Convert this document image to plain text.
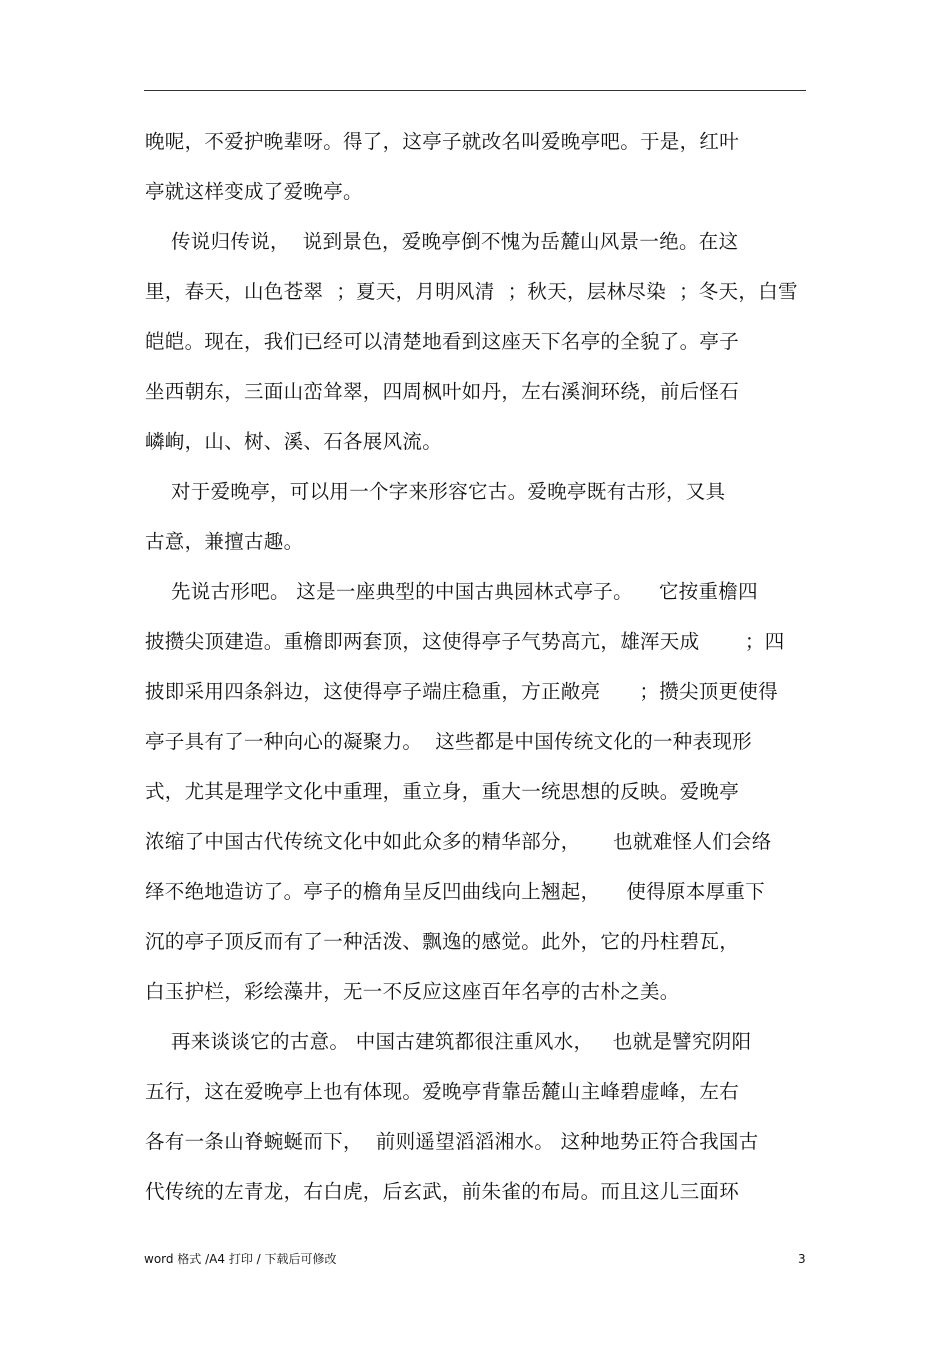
晚呢，不爱护晚辈呀。得了，这亭子就改名叫爱晚亭吧。于是，红叶
亭就这样变成了爱晚亭。
传说归传说，  说到景色，爱晚亭倒不愧为岳麓山风景一绝。在这
里，春天，山色苍翠  ；夏天，月明风清  ；秋天，层林尽染  ；冬天，白雪
皑皑。现在，我们已经可以清楚地看到这座天下名亭的全貌了。亭子
坐西朝东，三面山峦耸翠，四周枫叶如丹，左右溪涧环绕，前后怪石
嶙峋，山、树、溪、石各展风流。
对于爱晚亭，可以用一个字来形容它古。爱晚亭既有古形，又具
古意，兼擅古趣。
先说古形吧。 这是一座典型的中国古典园林式亭子。    它按重檐四
披攒尖顶建造。重檐即两套顶，这使得亭子气势高亢，雄浑天成       ；四
披即采用四条斜边，这使得亭子端庄稳重，方正敞亮      ；攒尖顶更使得
亭子具有了一种向心的凝聚力。  这些都是中国传统文化的一种表现形
式，尤其是理学文化中重理，重立身，重大一统思想的反映。爱晚亭
浓缩了中国古代传统文化中如此众多的精华部分，     也就难怪人们会络
绎不绝地造访了。亭子的檐角呈反凹曲线向上翘起，    使得原本厚重下
沉的亭子顶反而有了一种活泼、飘逸的感觉。此外，它的丹柱碧瓦，
白玉护栏，彩绘藻井，无一不反应这座百年名亭的古朴之美。
再来谈谈它的古意。 中国古建筑都很注重风水，   也就是譬究阴阳
五行，这在爱晚亭上也有体现。爱晚亭背靠岳麓山主峰碧虚峰，左右
各有一条山脊蜿蜒而下，  前则遥望滔滔湘水。 这种地势正符合我国古
代传统的左青龙，右白虎，后玄武，前朱雀的布局。而且这儿三面环
word 格式 /A4 打印 / 下载后可修改	3
